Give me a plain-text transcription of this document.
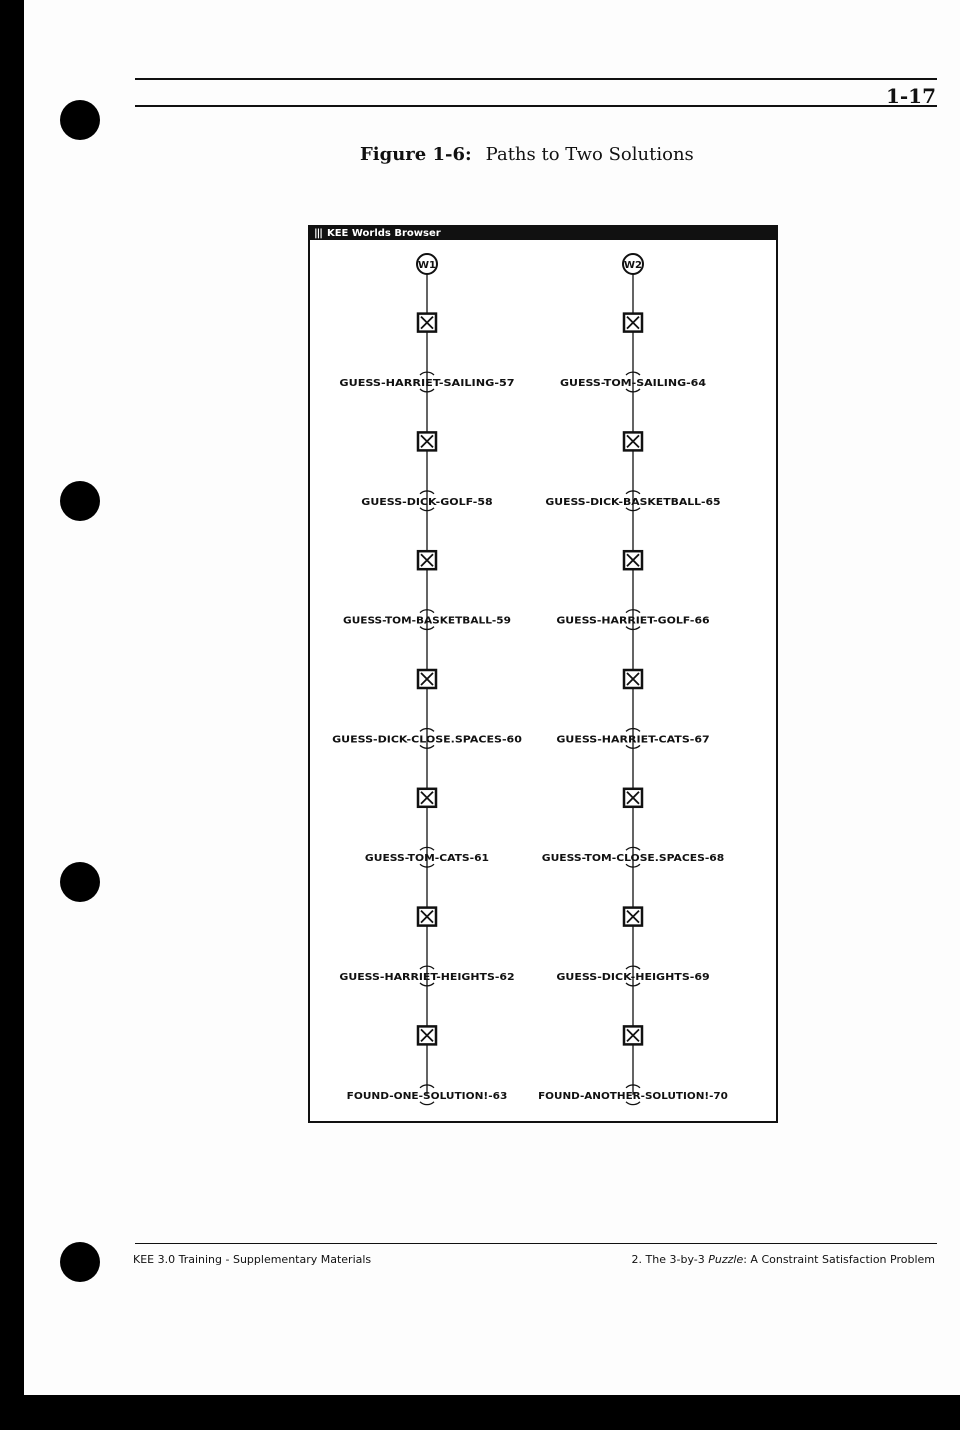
1-17
Figure 1-6: Paths to Two Solutions
||| KEE Worlds Browser
W1
GUESS-HARRIET-SAILING-57
GUESS-DICK-GOLF-58
GUESS-TOM-BASKETBALL-59
GUESS-DICK-CLOSE.SPACES-60
GUESS-TOM-CATS-61
GUESS-HARRIET-HEIGHTS-62
FOUND-ONE-SOLUTION!-63
W2
GUESS-TOM-SAILING-64
GUESS-DICK-BASKETBALL-65
GUESS-HARRIET-GOLF-66
GUESS-HARRIET-CATS-67
GUESS-TOM-CLOSE.SPACES-68
GUESS-DICK-HEIGHTS-69
FOUND-ANOTHER-SOLUTION!-70
KEE 3.0 Training - Supplementary Materials	2. The 3-by-3 Puzzle: A Constraint Satisfaction Problem
